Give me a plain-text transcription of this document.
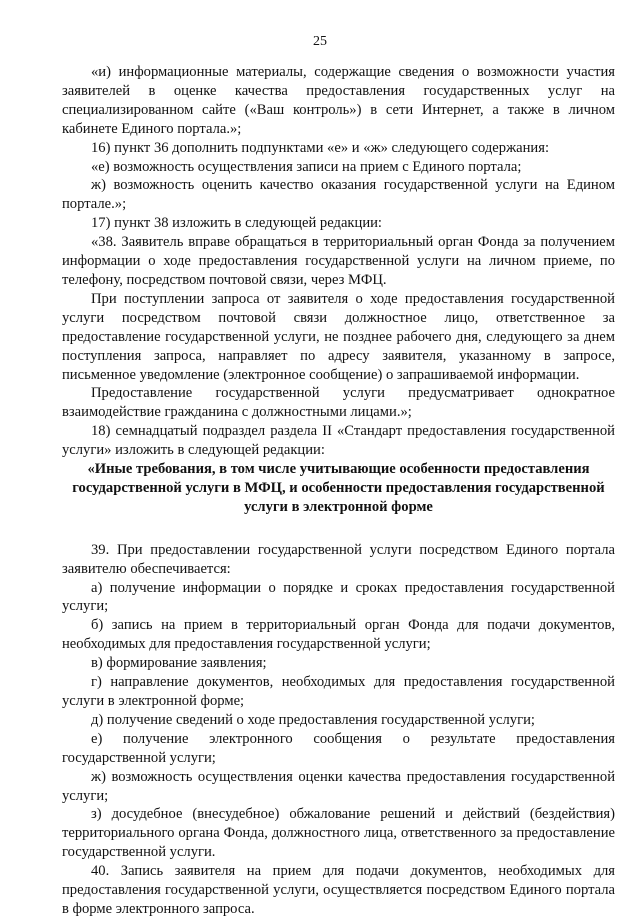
25

«и) информационные материалы, содержащие сведения о возможности участия заявителей в оценке качества предоставления государственных услуг на специализированном сайте («Ваш контроль») в сети Интернет, а также в личном кабинете Единого портала.»;

16) пункт 36 дополнить подпунктами «е» и «ж» следующего содержания:

«е) возможность осуществления записи на прием с Единого портала;

ж) возможность оценить качество оказания государственной услуги на Едином портале.»;

17) пункт 38 изложить в следующей редакции:

«38. Заявитель вправе обращаться в территориальный орган Фонда за получением информации о ходе предоставления государственной услуги на личном приеме, по телефону, посредством почтовой связи, через МФЦ.

При поступлении запроса от заявителя о ходе предоставления государственной услуги посредством почтовой связи должностное лицо, ответственное за предоставление государственной услуги, не позднее рабочего дня, следующего за днем поступления запроса, направляет по адресу заявителя, указанному в запросе, письменное уведомление (электронное сообщение) о запрашиваемой информации.

Предоставление государственной услуги предусматривает однократное взаимодействие гражданина с должностными лицами.»;

18) семнадцатый подраздел раздела II «Стандарт предоставления государственной услуги» изложить в следующей редакции:

«Иные требования, в том числе учитывающие особенности предоставления государственной услуги в МФЦ, и особенности предоставления государственной услуги в электронной форме

39. При предоставлении государственной услуги посредством Единого портала заявителю обеспечивается:

а) получение информации о порядке и сроках предоставления государственной услуги;

б) запись на прием в территориальный орган Фонда для подачи документов, необходимых для предоставления государственной услуги;

в) формирование заявления;

г) направление документов, необходимых для предоставления государственной услуги в электронной форме;

д) получение сведений о ходе предоставления государственной услуги;

е) получение электронного сообщения о результате предоставления государственной услуги;

ж) возможность осуществления оценки качества предоставления государственной услуги;

з) досудебное (внесудебное) обжалование решений и действий (бездействия) территориального органа Фонда, должностного лица, ответственного за предоставление государственной услуги.

40. Запись заявителя на прием для подачи документов, необходимых для предоставления государственной услуги, осуществляется посредством Единого портала в форме электронного запроса.
